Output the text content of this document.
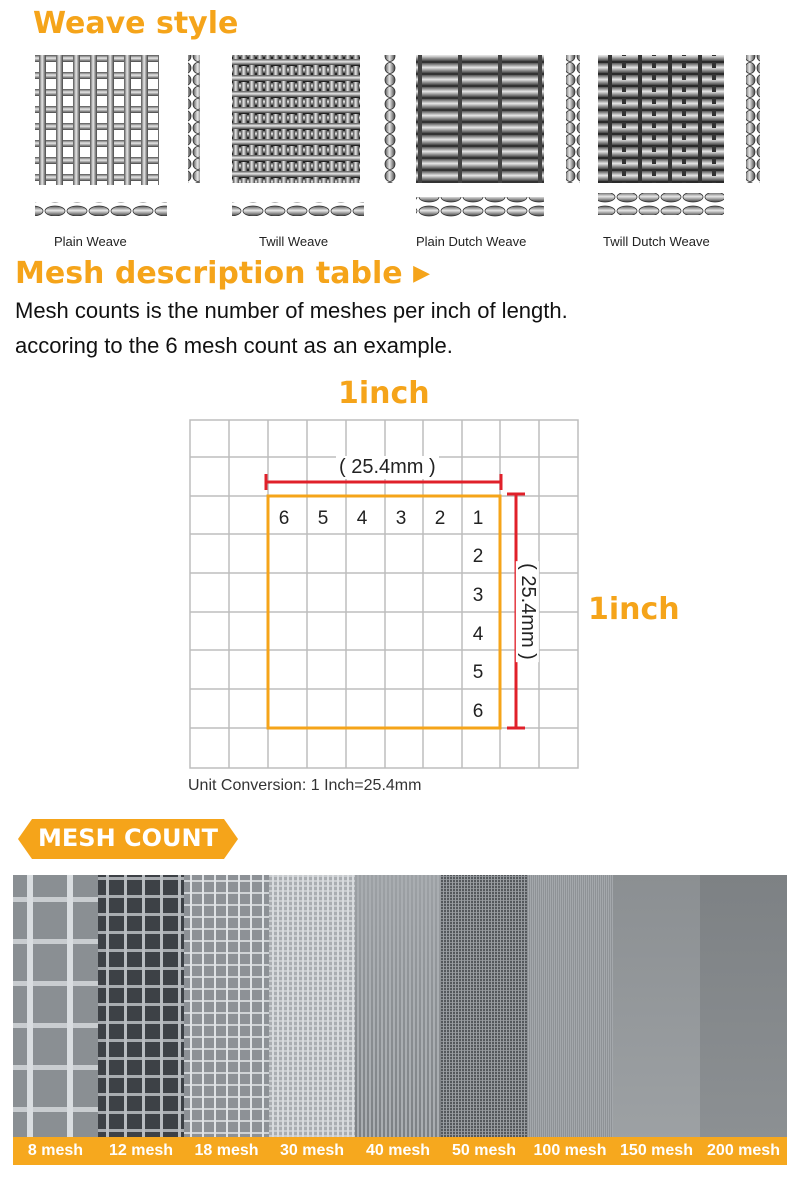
Weave style
Plain Weave	Twill Weave	Plain Dutch Weave	Twill Dutch Weave
Mesh description table ▶
Mesh counts is the number of meshes per inch of length.
accoring to the 6 mesh count as an example.
1inch
( 25.4mm )
( 25.4mm )
6	5	4	3	2	1
2
3
4
5
6
1inch
Unit Conversion: 1 Inch=25.4mm
MESH COUNT
8 mesh	12 mesh	18 mesh	30 mesh	40 mesh	50 mesh	100 mesh 150 mesh 200 mesh
